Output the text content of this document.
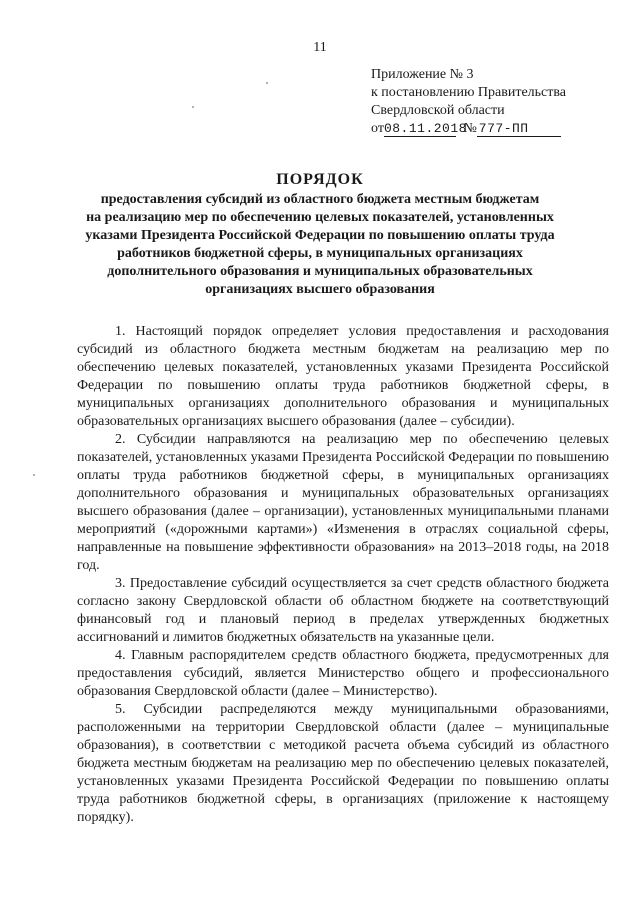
11
Приложение № 3
к постановлению Правительства
Свердловской области
от08.11.2018 № 777-ПП
ПОРЯДОК
предоставления субсидий из областного бюджета местным бюджетам
на реализацию мер по обеспечению целевых показателей, установленных
указами Президента Российской Федерации по повышению оплаты труда
работников бюджетной сферы, в муниципальных организациях
дополнительного образования и муниципальных образовательных
организациях высшего образования

1. Настоящий порядок определяет условия предоставления и расходования субсидий из областного бюджета местным бюджетам на реализацию мер по обеспечению целевых показателей, установленных указами Президента Российской Федерации по повышению оплаты труда работников бюджетной сферы, в муниципальных организациях дополнительного образования и муниципальных образовательных организациях высшего образования (далее – субсидии).

2. Субсидии направляются на реализацию мер по обеспечению целевых показателей, установленных указами Президента Российской Федерации по повышению оплаты труда работников бюджетной сферы, в муниципальных организациях дополнительного образования и муниципальных образовательных организациях высшего образования (далее – организации), установленных муниципальными планами мероприятий («дорожными картами») «Изменения в отраслях социальной сферы, направленные на повышение эффективности образования» на 2013–2018 годы, на 2018 год.

3. Предоставление субсидий осуществляется за счет средств областного бюджета согласно закону Свердловской области об областном бюджете на соответствующий финансовый год и плановый период в пределах утвержденных бюджетных ассигнований и лимитов бюджетных обязательств на указанные цели.

4. Главным распорядителем средств областного бюджета, предусмотренных для предоставления субсидий, является Министерство общего и профессионального образования Свердловской области (далее – Министерство).

5. Субсидии распределяются между муниципальными образованиями, расположенными на территории Свердловской области (далее – муниципальные образования), в соответствии с методикой расчета объема субсидий из областного бюджета местным бюджетам на реализацию мер по обеспечению целевых показателей, установленных указами Президента Российской Федерации по повышению оплаты труда работников бюджетной сферы, в организациях (приложение к настоящему порядку).
